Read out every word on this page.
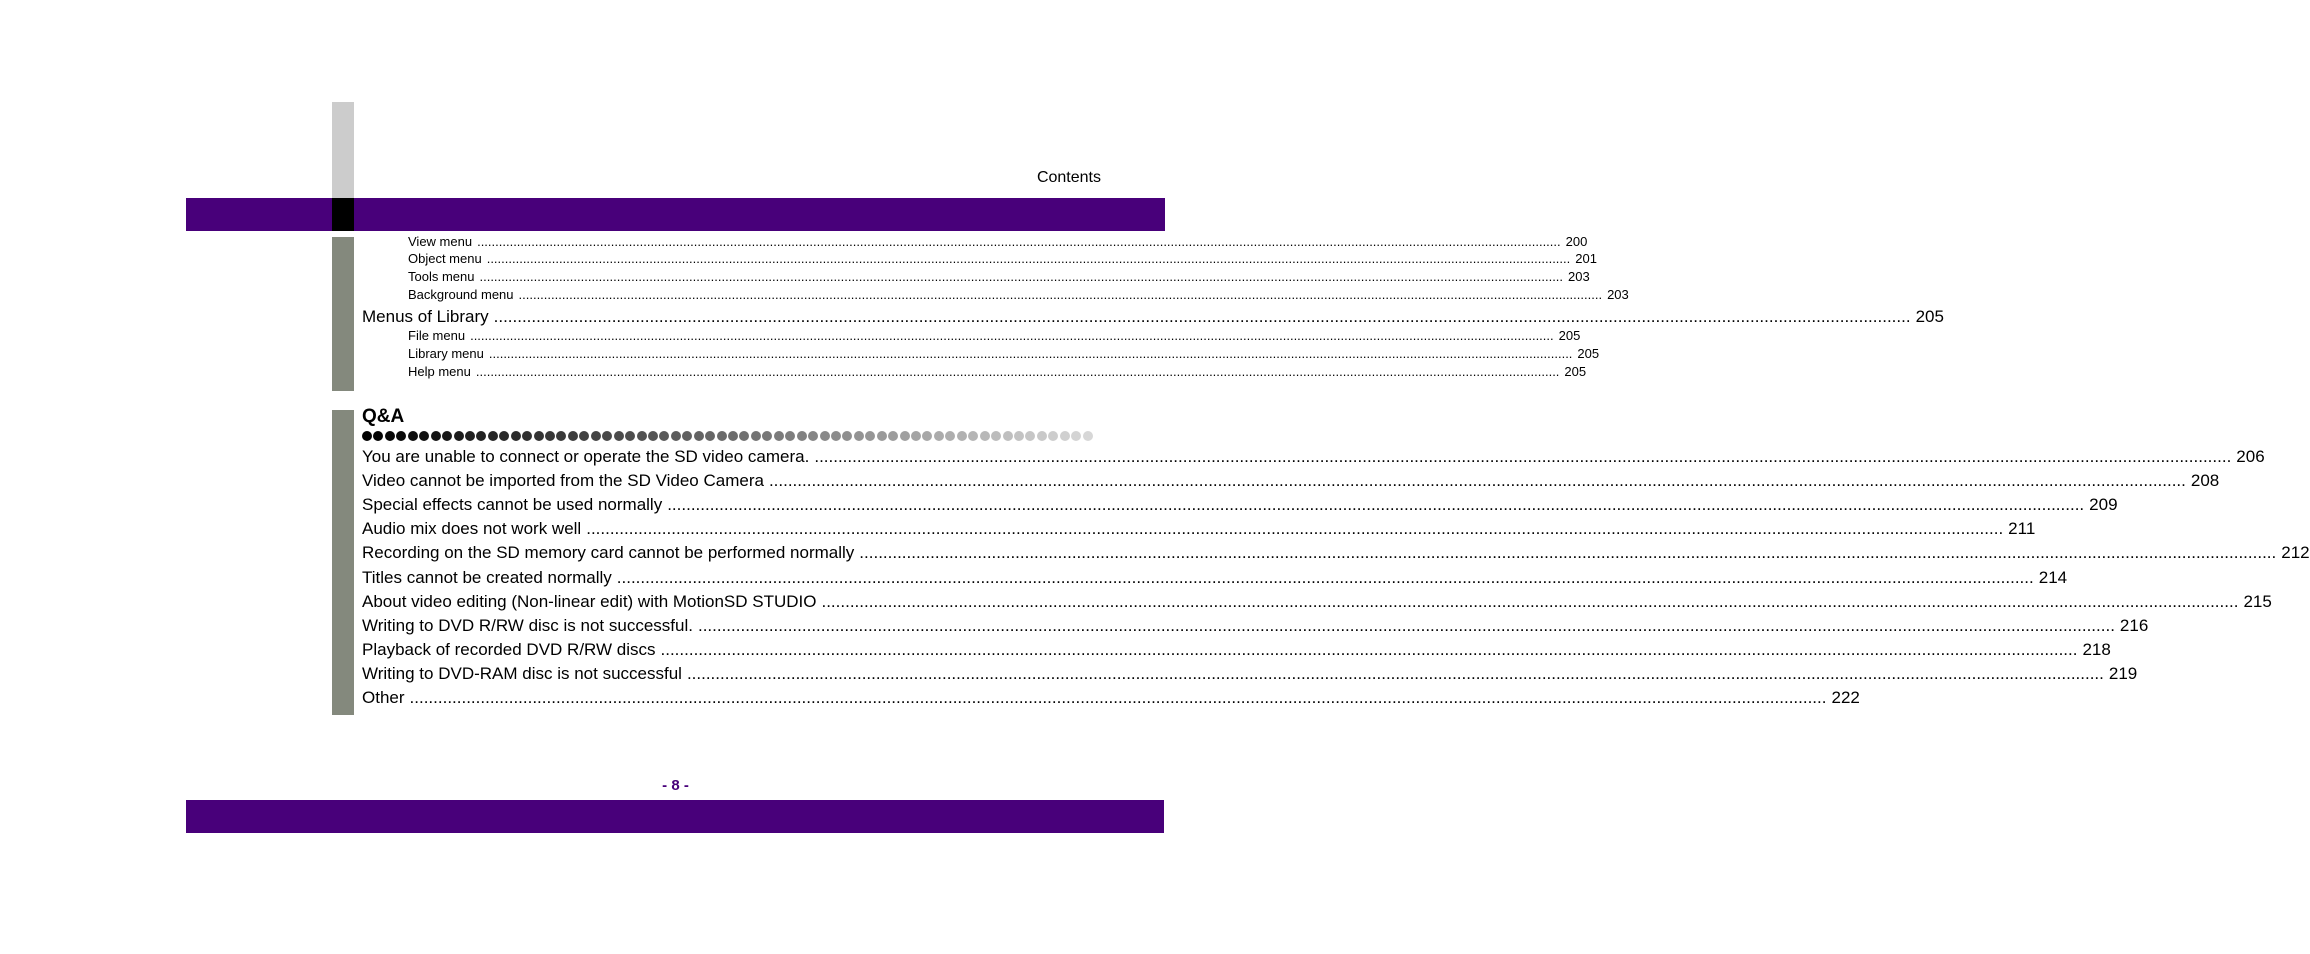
Contents
View menu ............................................................................................................................................................................................................................................................................................................ 200
Object menu ............................................................................................................................................................................................................................................................................................................ 201
Tools menu ............................................................................................................................................................................................................................................................................................................ 203
Background menu ............................................................................................................................................................................................................................................................................................................ 203
Menus of Library ............................................................................................................................................................................................................................................................................................................ 205
File menu ............................................................................................................................................................................................................................................................................................................ 205
Library menu ............................................................................................................................................................................................................................................................................................................ 205
Help menu ............................................................................................................................................................................................................................................................................................................ 205
Q&A
You are unable to connect or operate the SD video camera. ............................................................................................................................................................................................................................................................................................................ 206
Video cannot be imported from the SD Video Camera ............................................................................................................................................................................................................................................................................................................ 208
Special effects cannot be used normally ............................................................................................................................................................................................................................................................................................................ 209
Audio mix does not work well ............................................................................................................................................................................................................................................................................................................ 211
Recording on the SD memory card cannot be performed normally ............................................................................................................................................................................................................................................................................................................ 212
Titles cannot be created normally ............................................................................................................................................................................................................................................................................................................ 214
About video editing (Non-linear edit) with MotionSD STUDIO ............................................................................................................................................................................................................................................................................................................ 215
Writing to DVD R/RW disc is not successful. ............................................................................................................................................................................................................................................................................................................ 216
Playback of recorded DVD R/RW discs ............................................................................................................................................................................................................................................................................................................ 218
Writing to DVD-RAM disc is not successful ............................................................................................................................................................................................................................................................................................................ 219
Other ............................................................................................................................................................................................................................................................................................................ 222
- 8 -
